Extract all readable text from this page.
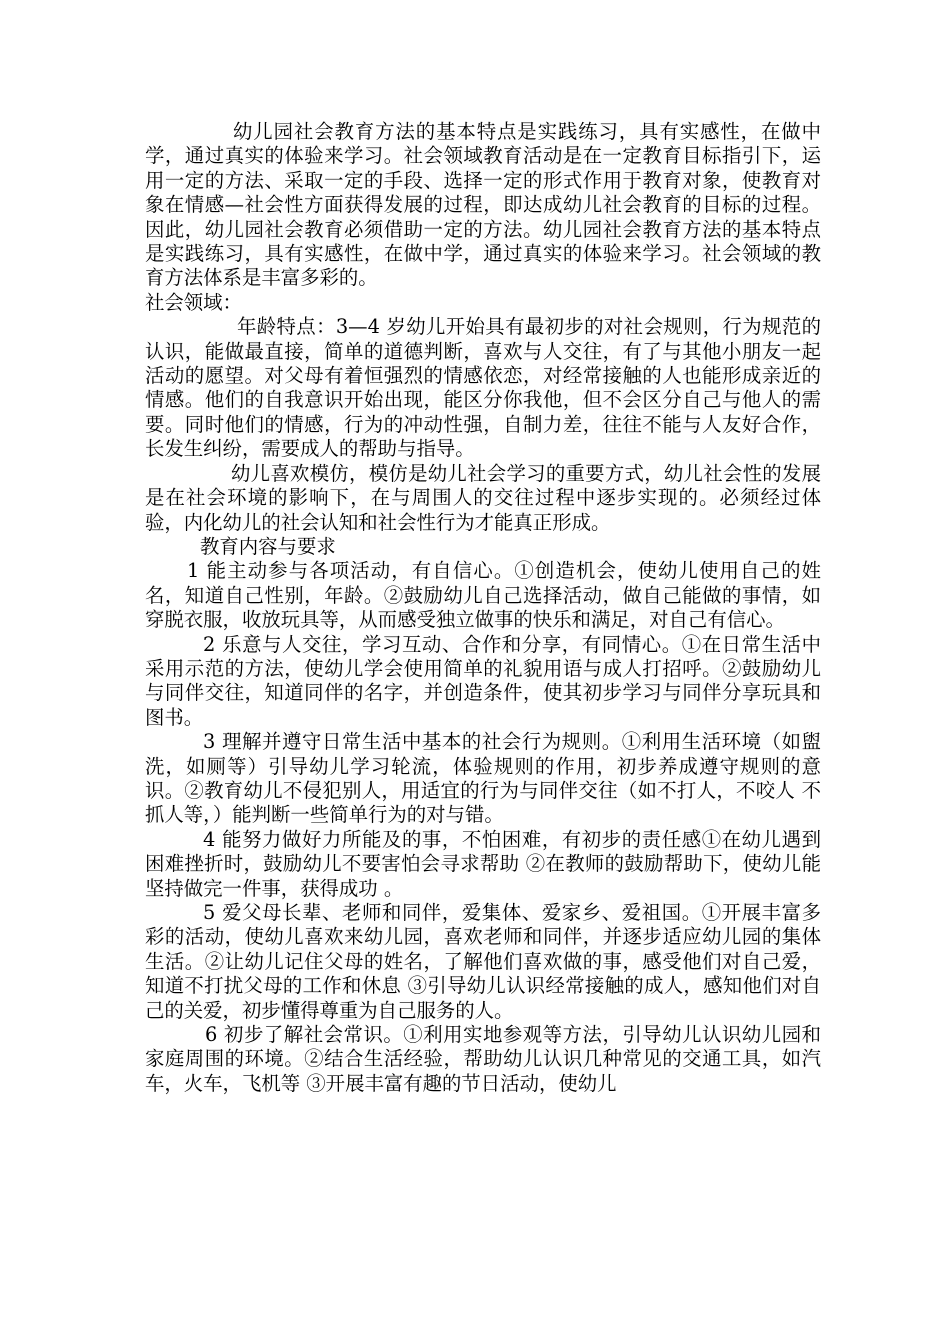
幼儿园社会教育方法的基本特点是实践练习，具有实感性，在做中学，通过真实的体验来学习。社会领域教育活动是在一定教育目标指引下，运用一定的方法、采取一定的手段、选择一定的形式作用于教育对象，使教育对象在情感—社会性方面获得发展的过程，即达成幼儿社会教育的目标的过程。因此，幼儿园社会教育必须借助一定的方法。幼儿园社会教育方法的基本特点是实践练习，具有实感性，在做中学，通过真实的体验来学习。社会领域的教育方法体系是丰富多彩的。

社会领域：

年龄特点：3—4 岁幼儿开始具有最初步的对社会规则，行为规范的认识，能做最直接，简单的道德判断，喜欢与人交往，有了与其他小朋友一起活动的愿望。对父母有着恒强烈的情感依恋，对经常接触的人也能形成亲近的情感。他们的自我意识开始出现，能区分你我他，但不会区分自己与他人的需要。同时他们的情感，行为的冲动性强，自制力差，往往不能与人友好合作，长发生纠纷，需要成人的帮助与指导。

幼儿喜欢模仿，模仿是幼儿社会学习的重要方式，幼儿社会性的发展是在社会环境的影响下，在与周围人的交往过程中逐步实现的。必须经过体验，内化幼儿的社会认知和社会性行为才能真正形成。

教育内容与要求

1 能主动参与各项活动，有自信心。①创造机会，使幼儿使用自己的姓名，知道自己性别，年龄。②鼓励幼儿自己选择活动，做自己能做的事情，如穿脱衣服，收放玩具等，从而感受独立做事的快乐和满足，对自己有信心。

2 乐意与人交往，学习互动、合作和分享，有同情心。①在日常生活中采用示范的方法，使幼儿学会使用简单的礼貌用语与成人打招呼。②鼓励幼儿与同伴交往，知道同伴的名字，并创造条件，使其初步学习与同伴分享玩具和图书。

3 理解并遵守日常生活中基本的社会行为规则。①利用生活环境（如盥洗，如厕等）引导幼儿学习轮流，体验规则的作用，初步养成遵守规则的意识。②教育幼儿不侵犯别人，用适宜的行为与同伴交往（如不打人，不咬人 不抓人等，）能判断一些简单行为的对与错。

4 能努力做好力所能及的事，不怕困难，有初步的责任感①在幼儿遇到困难挫折时，鼓励幼儿不要害怕会寻求帮助 ②在教师的鼓励帮助下，使幼儿能坚持做完一件事，获得成功 。

5 爱父母长辈、老师和同伴，爱集体、爱家乡、爱祖国。①开展丰富多彩的活动，使幼儿喜欢来幼儿园，喜欢老师和同伴，并逐步适应幼儿园的集体生活。②让幼儿记住父母的姓名，了解他们喜欢做的事，感受他们对自己爱，知道不打扰父母的工作和休息 ③引导幼儿认识经常接触的成人，感知他们对自己的关爱，初步懂得尊重为自己服务的人。

6 初步了解社会常识。①利用实地参观等方法，引导幼儿认识幼儿园和家庭周围的环境。②结合生活经验，帮助幼儿认识几种常见的交通工具，如汽车，火车，飞机等 ③开展丰富有趣的节日活动，使幼儿
